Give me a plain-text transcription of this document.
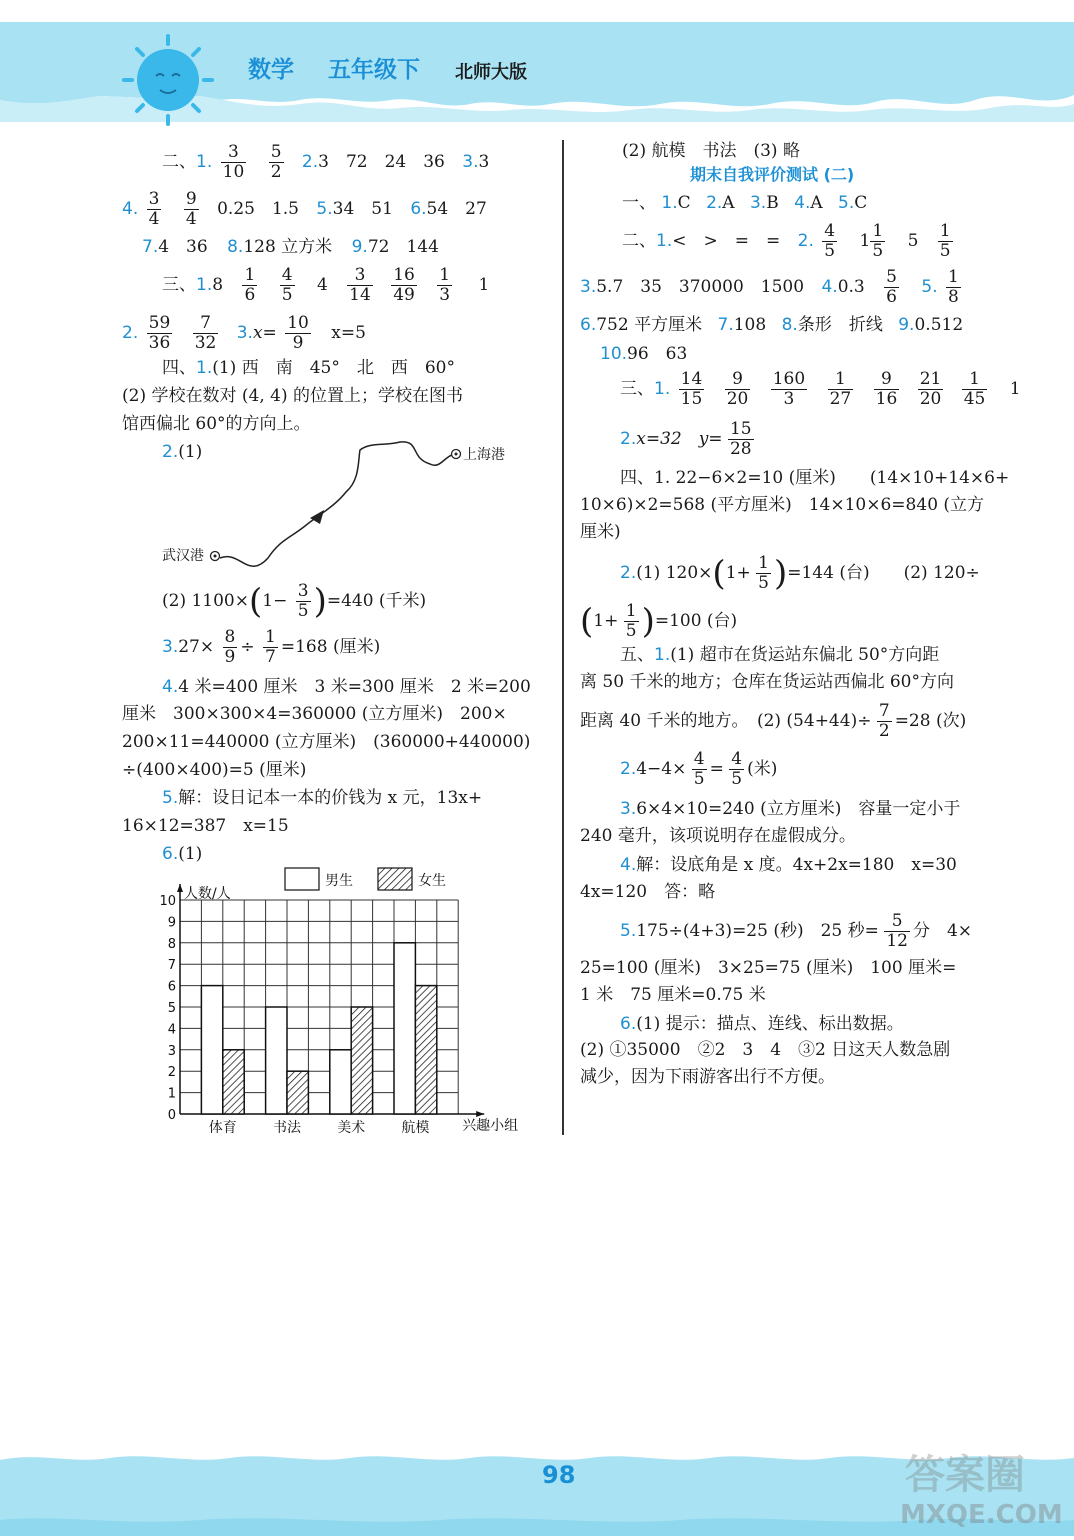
数学 五年级下 北师大版
二、1. $\frac{3}{10}$
$\frac{5}{2} 2.3$　72　24　36 3.3
4. $\frac{3}{4}$
$\frac{9}{4} 0.25$　1.5 5.34　51 6.54　27
7.4　36 8.128 立方米 9.72　144
三、$1.8 \frac{1}{6}$
$\frac{4}{5} 4 \frac{3}{14}$
$\frac{16}{49}$
$\frac{1}{3} 1$
2. $\frac{59}{36}$
$\frac{7}{32} 3.x= \frac{10}{9} x=5$
四、1.(1) 西　南　45°　北　西　60°
(2) 学校在数对 (4, 4) 的位置上；学校在图书
馆西偏北 60°的方向上。
2.(1)
武汉港
上海港
(2) $1100\times(1- \frac{3}{5} )=440$ (千米)
$3.27\times \frac{8}{9} \div \frac{1}{7} =168$ (厘米)
4.4 米=400 厘米　3 米=300 厘米　2 米=200
厘米　300×300×4=360000 (立方厘米)　200×
200×11=440000 (立方厘米)　(360000+440000)
÷(400×400)=5 (厘米)
5.解：设日记本一本的价钱为 x 元，13x+
16×12=387　x=15
6.(1)
0
1
2
3
4
5
6
7
8
9
10 人数/人
男生	女生
体育	书法	美术	航模 兴趣小组
(2) 航模　书法　(3) 略
期末自我评价测试 (二)
一、 1.C 2.A 3.B 4.A 5.C
二、1.<　>　=　= 2. $\frac{4}{5} 1 \frac{1}{5} 5 \frac{1}{5}$
3.5.7　35　370000　1500 $4.0.3 \frac{5}{6} 5$. $\frac{1}{8}$
6.752 平方厘米 7.108 8.条形　折线 9.0.512
10.96　63
三、1. $\frac{14}{15}$
$\frac{9}{20}$
$\frac{160}{3}$
$\frac{1}{27}$
$\frac{9}{16}$
$\frac{21}{20}$
$\frac{1}{45} 1$
2.x=32　$y= \frac{15}{28}$
四、1. 22−6×2=10 (厘米)　　(14×10+14×6+
10×6)×2=568 (平方厘米)　14×10×6=840 (立方
厘米)
2.(1) $120\times(1+ \frac{1}{5} )=144$ (台)　　(2) 120÷
$(1+ \frac{1}{5} )=100$ (台)
五、1.(1) 超市在货运站东偏北 50°方向距
离 50 千米的地方；仓库在货运站西偏北 60°方向
距离 40 千米的地方。　(2) $(54+44)\div \frac{7}{2} =28$ (次)
$2.4-4\times \frac{4}{5} = \frac{4}{5}$ (米)
3.6×4×10=240 (立方厘米)　容量一定小于
240 毫升，该项说明存在虚假成分。
4.解：设底角是 x 度。4x+2x=180　x=30
4x=120　答：略
5.175÷(4+3)=25 (秒)　25 秒= $\frac{5}{12}$ 分　4×
25=100 (厘米)　3×25=75 (厘米)　100 厘米=
1 米　75 厘米=0.75 米
6.(1) 提示：描点、连线、标出数据。
(2) ①35000　②2　3　4　③2 日这天人数急剧
减少，因为下雨游客出行不方便。
98	答案圈
MXQE.COM
